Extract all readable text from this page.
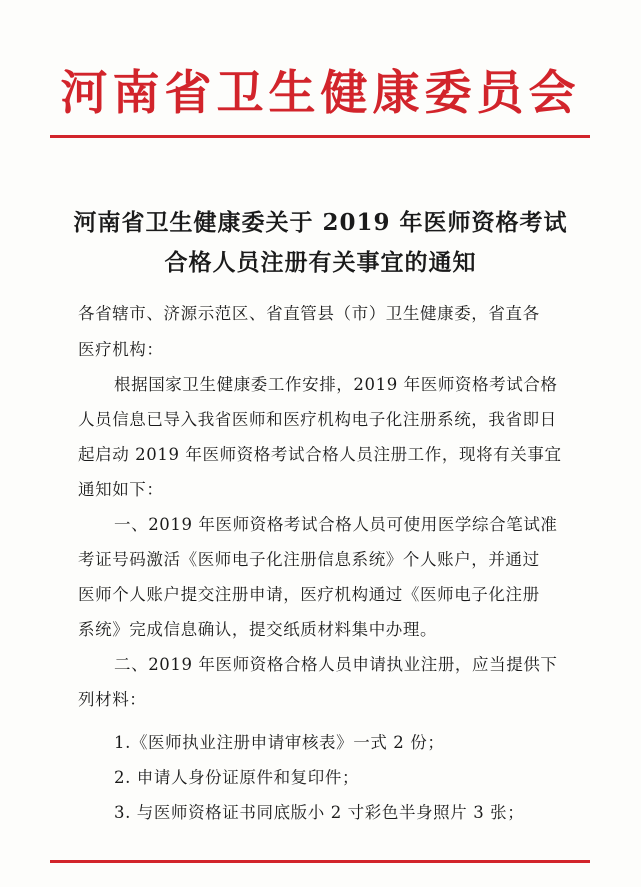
河南省卫生健康委员会
河南省卫生健康委关于 2019 年医师资格考试
合格人员注册有关事宜的通知
各省辖市、济源示范区、省直管县（市）卫生健康委，省直各
医疗机构：
根据国家卫生健康委工作安排，2019 年医师资格考试合格
人员信息已导入我省医师和医疗机构电子化注册系统，我省即日
起启动 2019 年医师资格考试合格人员注册工作，现将有关事宜
通知如下：
一、2019 年医师资格考试合格人员可使用医学综合笔试准
考证号码激活《医师电子化注册信息系统》个人账户，并通过
医师个人账户提交注册申请，医疗机构通过《医师电子化注册
系统》完成信息确认，提交纸质材料集中办理。
二、2019 年医师资格合格人员申请执业注册，应当提供下
列材料：
1.《医师执业注册申请审核表》一式 2 份；
2. 申请人身份证原件和复印件；
3. 与医师资格证书同底版小 2 寸彩色半身照片 3 张；
